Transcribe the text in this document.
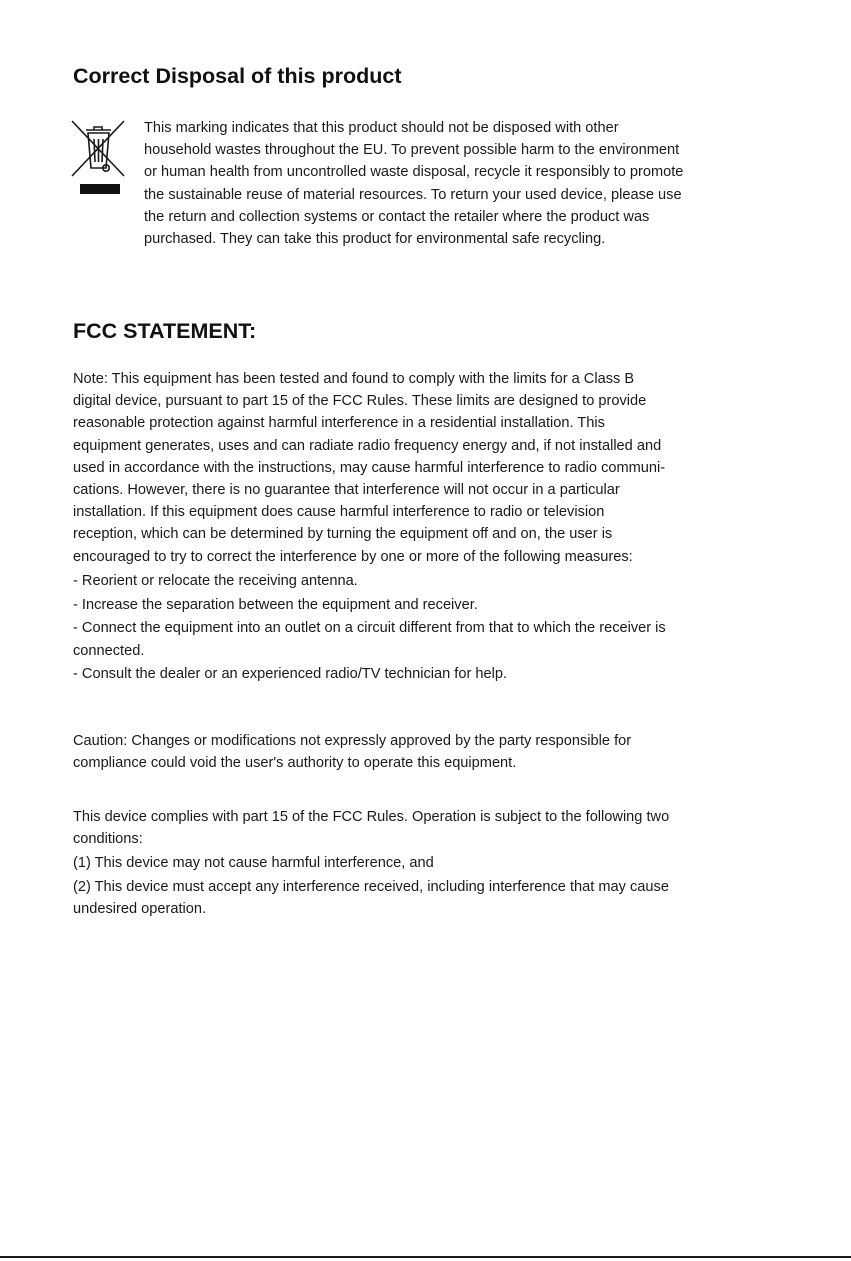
Correct Disposal of this product

This marking indicates that this product should not be disposed with other
household wastes throughout the EU. To prevent possible harm to the environment
or human health from uncontrolled waste disposal, recycle it responsibly to promote
the sustainable reuse of material resources. To return your used device, please use
the return and collection systems or contact the retailer where the product was
purchased. They can take this product for environmental safe recycling.

FCC STATEMENT:

Note: This equipment has been tested and found to comply with the limits for a Class B
digital device, pursuant to part 15 of the FCC Rules. These limits are designed to provide
reasonable protection against harmful interference in a residential installation. This
equipment generates, uses and can radiate radio frequency energy and, if not installed and
used in accordance with the instructions, may cause harmful interference to radio communi-
cations. However, there is no guarantee that interference will not occur in a particular
installation. If this equipment does cause harmful interference to radio or television
reception, which can be determined by turning the equipment off and on, the user is
encouraged to try to correct the interference by one or more of the following measures:

- Reorient or relocate the receiving antenna.
- Increase the separation between the equipment and receiver.
- Connect the equipment into an outlet on a circuit different from that to which the receiver is
connected.
- Consult the dealer or an experienced radio/TV technician for help.

Caution: Changes or modifications not expressly approved by the party responsible for
compliance could void the user's authority to operate this equipment.

This device complies with part 15 of the FCC Rules. Operation is subject to the following two
conditions:
(1) This device may not cause harmful interference, and
(2) This device must accept any interference received, including interference that may cause
undesired operation.
